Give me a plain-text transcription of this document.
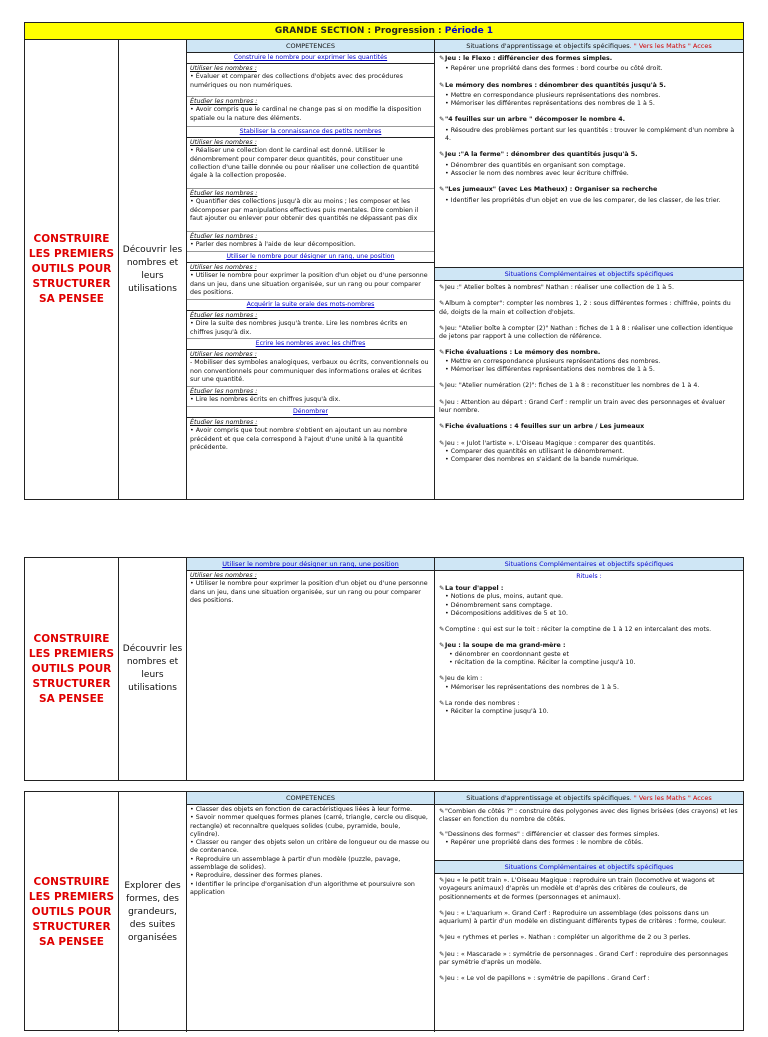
GRANDE SECTION : Progression : Période 1
CONSTRUIRE LES PREMIERS OUTILS POUR STRUCTURER SA PENSEE
Découvrir les nombres et leurs utilisations
COMPETENCES
Construire le nombre pour exprimer les quantités
Utiliser les nombres :
• Évaluer et comparer des collections d'objets avec des procédures numériques ou non numériques.
Étudier les nombres :
• Avoir compris que le cardinal ne change pas si on modifie la disposition spatiale ou la nature des éléments.
Stabiliser la connaissance des petits nombres
Utiliser les nombres :
• Réaliser une collection dont le cardinal est donné. Utiliser le dénombrement pour comparer deux quantités, pour constituer une collection d'une taille donnée ou pour réaliser une collection de quantité égale à la collection proposée.
Étudier les nombres :
• Quantifier des collections jusqu'à dix au moins ; les composer et les décomposer par manipulations effectives puis mentales. Dire combien il faut ajouter ou enlever pour obtenir des quantités ne dépassant pas dix
Étudier les nombres :
• Parler des nombres à l'aide de leur décomposition.
Utiliser le nombre pour désigner un rang, une position
Utiliser les nombres :
• Utiliser le nombre pour exprimer la position d'un objet ou d'une personne dans un jeu, dans une situation organisée, sur un rang ou pour comparer des positions.
Acquérir la suite orale des mots-nombres
Étudier les nombres :
• Dire la suite des nombres jusqu'à trente. Lire les nombres écrits en chiffres jusqu'à dix.
Ecrire les nombres avec les chiffres
Utiliser les nombres :
- Mobiliser des symboles analogiques, verbaux ou écrits, conventionnels ou non conventionnels pour communiquer des informations orales et écrites sur une quantité.
Étudier les nombres :
• Lire les nombres écrits en chiffres jusqu'à dix.
Dénombrer
Étudier les nombres :
• Avoir compris que tout nombre s'obtient en ajoutant un au nombre précédent et que cela correspond à l'ajout d'une unité à la quantité précédente.
Situations d'apprentissage et objectifs spécifiques. " Vers les Maths " Acces

✎Jeu : le Flexo : différencier des formes simples.

• Repérer une propriété dans des formes : bord courbe ou côté droit.

✎Le mémory des nombres : dénombrer des quantités jusqu'à 5.

• Mettre en correspondance plusieurs représentations des nombres.

• Mémoriser les différentes représentations des nombres de 1 à 5.

✎"4 feuilles sur un arbre " décomposer le nombre 4.

• Résoudre des problèmes portant sur les quantités : trouver le complément d'un nombre à 4.

✎Jeu :"A la ferme" : dénombrer des quantités jusqu'à 5.

• Dénombrer des quantités en organisant son comptage.

• Associer le nom des nombres avec leur écriture chiffrée.

✎"Les jumeaux" (avec Les Matheux) : Organiser sa recherche

• Identifier les propriétés d'un objet en vue de les comparer, de les classer, de les trier.

Situations Complémentaires et objectifs spécifiques

✎Jeu :" Atelier boîtes à nombres" Nathan : réaliser une collection de 1 à 5.

✎Album à compter": compter les nombres 1, 2 : sous différentes formes : chiffrée, points du dé, doigts de la main et collection d'objets.

✎Jeu: "Atelier boîte à compter (2)" Nathan : fiches de 1 à 8 : réaliser une collection identique de jetons par rapport à une collection de référence.

✎Fiche évaluations : Le mémory des nombre.

• Mettre en correspondance plusieurs représentations des nombres.

• Mémoriser les différentes représentations des nombres de 1 à 5.

✎Jeu: "Atelier numération (2)": fiches de 1 à 8 : reconstituer les nombres de 1 à 4.

✎Jeu : Attention au départ : Grand Cerf : remplir un train avec des personnages et évaluer leur nombre.

✎Fiche évaluations : 4 feuilles sur un arbre / Les jumeaux

✎Jeu : « Julot l'artiste ». L'Oiseau Magique : comparer des quantités.

• Comparer des quantités en utilisant le dénombrement.

• Comparer des nombres en s'aidant de la bande numérique.

CONSTRUIRE LES PREMIERS OUTILS POUR STRUCTURER SA PENSEE
Découvrir les nombres et leurs utilisations
Utiliser le nombre pour désigner un rang, une position
Utiliser les nombres :
• Utiliser le nombre pour exprimer la position d'un objet ou d'une personne dans un jeu, dans une situation organisée, sur un rang ou pour comparer des positions.
Situations Complémentaires et objectifs spécifiques
Rituels :

✎La tour d'appel :

• Notions de plus, moins, autant que.

• Dénombrement sans comptage.

• Décompositions additives de 5 et 10.

✎Comptine : qui est sur le toit : réciter la comptine de 1 à 12 en intercalant des mots.

✎Jeu : la soupe de ma grand-mère :

• dénombrer en coordonnant geste et

• récitation de la comptine. Réciter la comptine jusqu'à 10.

✎Jeu de kim :

• Mémoriser les représentations des nombres de 1 à 5.

✎La ronde des nombres :

• Réciter la comptine jusqu'à 10.

CONSTRUIRE LES PREMIERS OUTILS POUR STRUCTURER SA PENSEE
Explorer des formes, des grandeurs, des suites organisées
COMPETENCES
• Classer des objets en fonction de caractéristiques liées à leur forme.
• Savoir nommer quelques formes planes (carré, triangle, cercle ou disque, rectangle) et reconnaître quelques solides (cube, pyramide, boule, cylindre).
• Classer ou ranger des objets selon un critère de longueur ou de masse ou de contenance.
• Reproduire un assemblage à partir d'un modèle (puzzle, pavage, assemblage de solides).
• Reproduire, dessiner des formes planes.
• Identifier le principe d'organisation d'un algorithme et poursuivre son application
Situations d'apprentissage et objectifs spécifiques. " Vers les Maths " Acces

✎"Combien de côtés ?" : construire des polygones avec des lignes brisées (des crayons) et les classer en fonction du nombre de côtés.

✎"Dessinons des formes" : différencier et classer des formes simples.

• Repérer une propriété dans des formes : le nombre de côtés.

Situations Complémentaires et objectifs spécifiques

✎Jeu « le petit train ». L'Oiseau Magique : reproduire un train (locomotive et wagons et voyageurs animaux) d'après un modèle et d'après des critères de couleurs, de positionnements et de formes (personnages et animaux).

✎Jeu : « L'aquarium ». Grand Cerf : Reproduire un assemblage (des poissons dans un aquarium) à partir d'un modèle en distinguant différents types de critères : forme, couleur.

✎Jeu « rythmes et perles ». Nathan : compléter un algorithme de 2 ou 3 perles.

✎Jeu : « Mascarade » : symétrie de personnages . Grand Cerf : reproduire des personnages par symétrie d'après un modèle.

✎Jeu : « Le vol de papillons » : symétrie de papillons . Grand Cerf :
